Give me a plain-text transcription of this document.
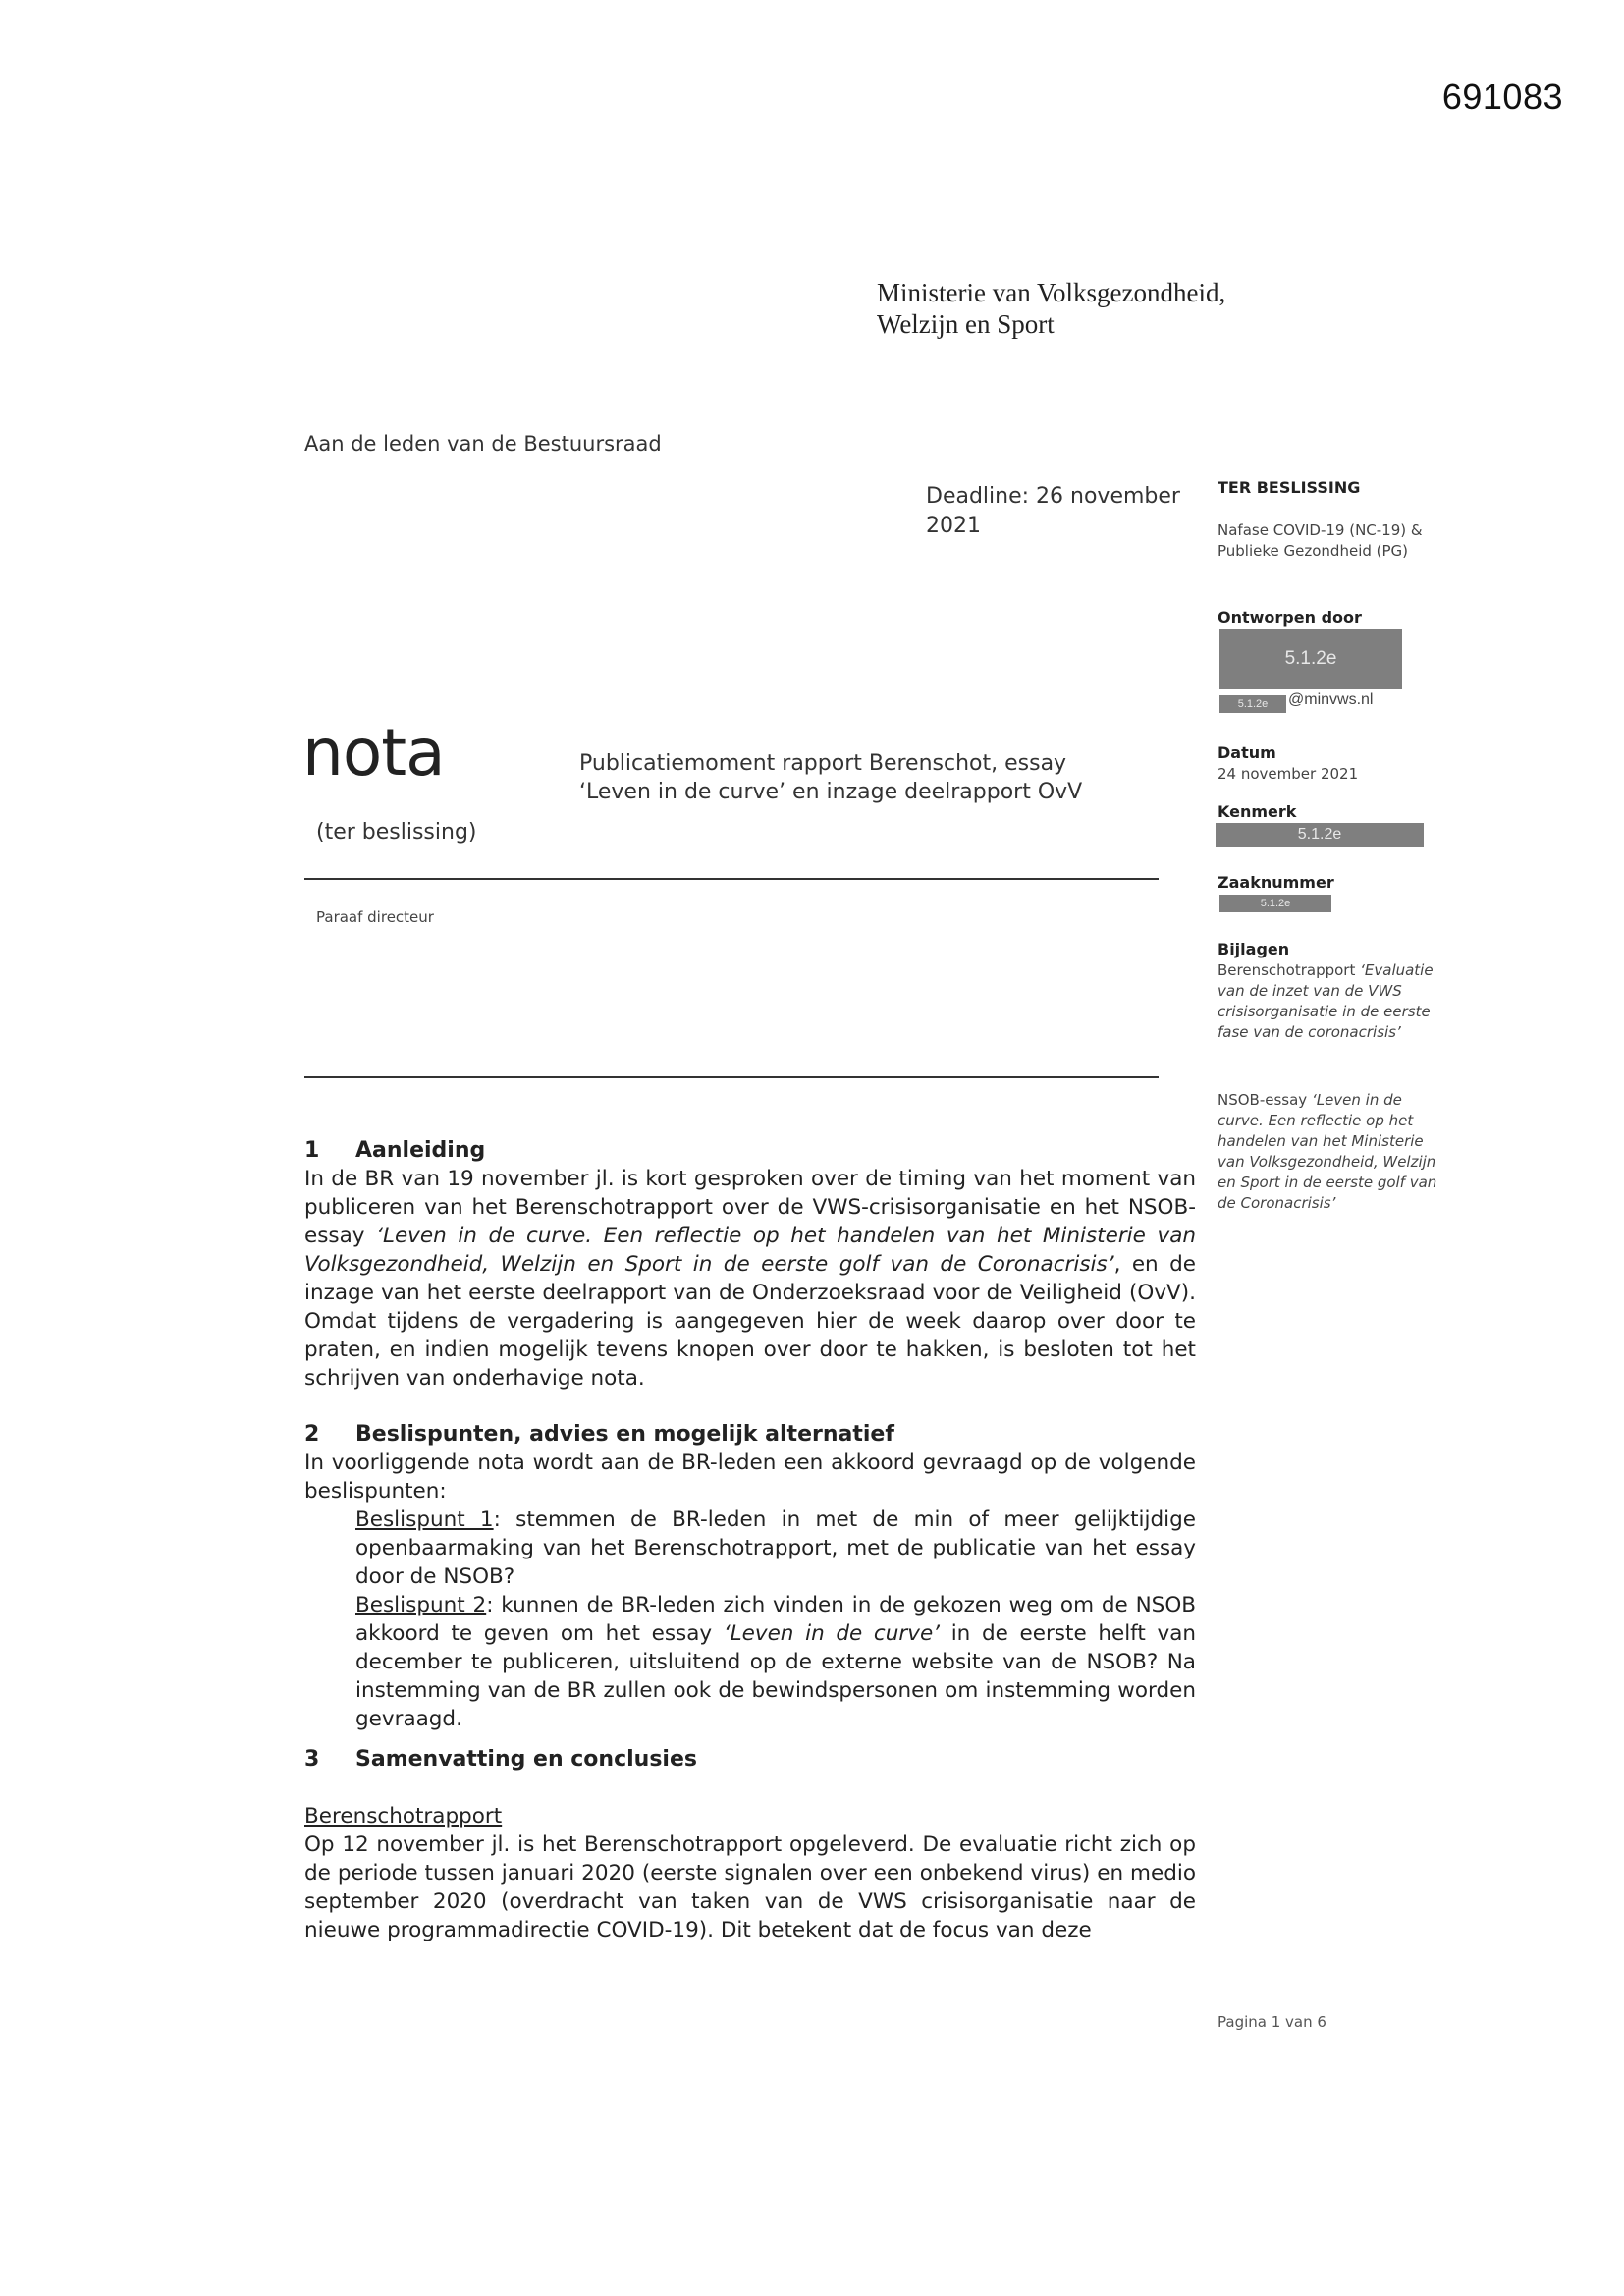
691083
Ministerie van Volksgezondheid,
Welzijn en Sport
Aan de leden van de Bestuursraad
Deadline: 26 november 2021
TER BESLISSING
Nafase COVID-19 (NC-19) & Publieke Gezondheid (PG)
Ontworpen door
5.1.2e
5.1.2e	@minvws.nl
Datum
24 november 2021
Kenmerk
5.1.2e
Zaaknummer
5.1.2e
Bijlagen
Berenschotrapport ‘Evaluatie van de inzet van de VWS crisisorganisatie in de eerste fase van de coronacrisis’
NSOB-essay ‘Leven in de curve. Een reflectie op het handelen van het Ministerie van Volksgezondheid, Welzijn en Sport in de eerste golf van de Coronacrisis’
nota
(ter beslissing)
Publicatiemoment rapport Berenschot, essay ‘Leven in de curve’ en inzage deelrapport OvV
Paraaf directeur
1 Aanleiding
In de BR van 19 november jl. is kort gesproken over de timing van het moment van publiceren van het Berenschotrapport over de VWS-crisisorganisatie en het NSOB-essay ‘Leven in de curve. Een reflectie op het handelen van het Ministerie van Volksgezondheid, Welzijn en Sport in de eerste golf van de Coronacrisis’, en de inzage van het eerste deelrapport van de Onderzoeksraad voor de Veiligheid (OvV). Omdat tijdens de vergadering is aangegeven hier de week daarop over door te praten, en indien mogelijk tevens knopen over door te hakken, is besloten tot het schrijven van onderhavige nota.
2 Beslispunten, advies en mogelijk alternatief
In voorliggende nota wordt aan de BR-leden een akkoord gevraagd op de volgende beslispunten:
Beslispunt 1: stemmen de BR-leden in met de min of meer gelijktijdige openbaarmaking van het Berenschotrapport, met de publicatie van het essay door de NSOB?
Beslispunt 2: kunnen de BR-leden zich vinden in de gekozen weg om de NSOB akkoord te geven om het essay ‘Leven in de curve’ in de eerste helft van december te publiceren, uitsluitend op de externe website van de NSOB? Na instemming van de BR zullen ook de bewindspersonen om instemming worden gevraagd.
3 Samenvatting en conclusies
Berenschotrapport
Op 12 november jl. is het Berenschotrapport opgeleverd. De evaluatie richt zich op de periode tussen januari 2020 (eerste signalen over een onbekend virus) en medio september 2020 (overdracht van taken van de VWS crisisorganisatie naar de nieuwe programmadirectie COVID-19). Dit betekent dat de focus van deze
Pagina 1 van 6
